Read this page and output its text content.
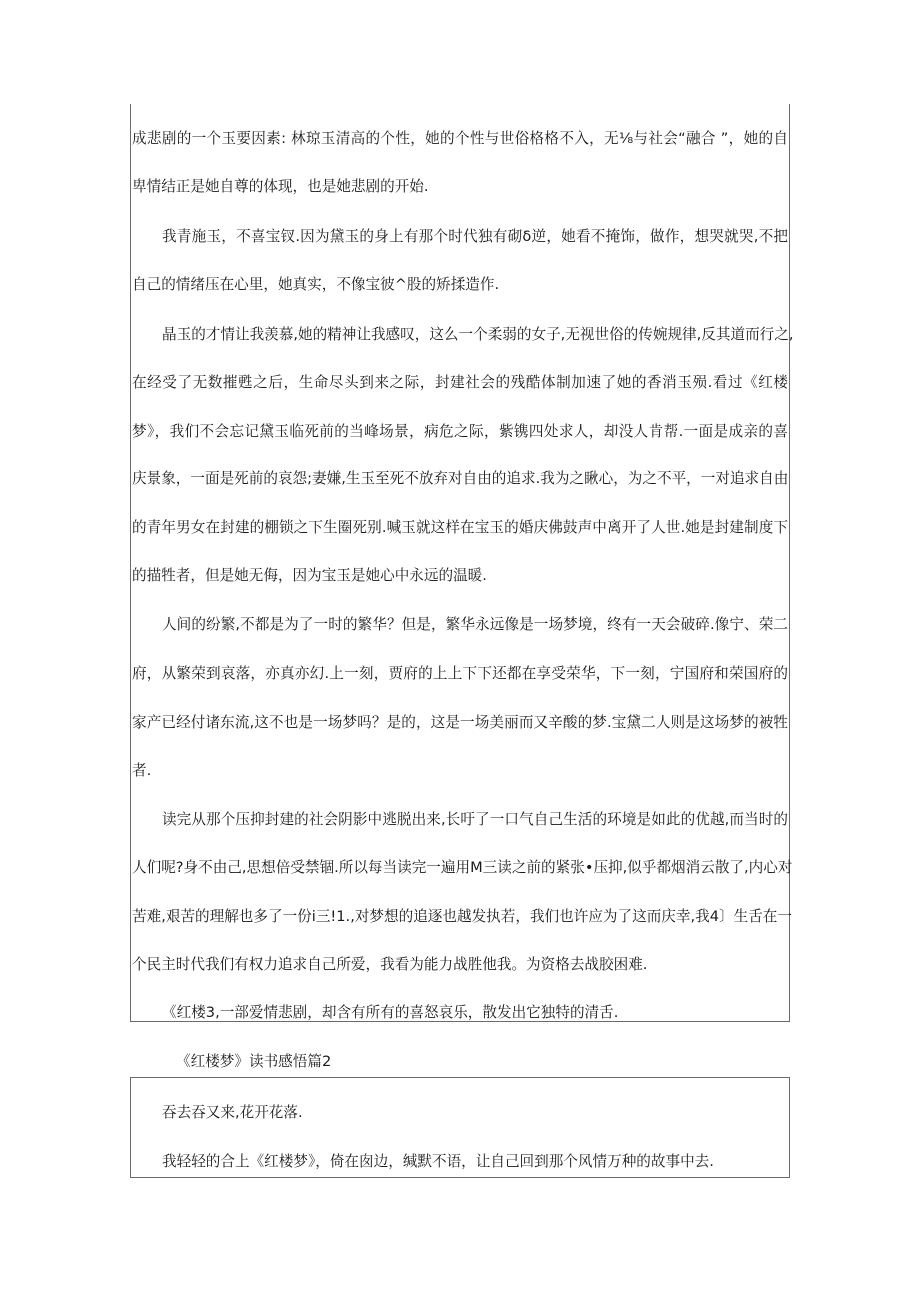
成悲剧的一个玉要因素: 林琼玉清高的个性，她的个性与世俗格格不入，无⅛与社会“融合 ”，她的自
卑情结正是她自尊的体现，也是她悲剧的开始.
我青施玉，不喜宝钗.因为黛玉的身上有那个时代独有砌δ逆，她看不掩饰，做作，想哭就哭,不把
自己的情绪压在心里，她真实，不像宝彼^股的矫揉造作.
晶玉的才情让我羡慕,她的精神让我感叹，这么一个柔弱的女子,无视世俗的传婉规律,反其道而行之,
在经受了无数摧甦之后，生命尽头到来之际，封建社会的残酷体制加速了她的香消玉殒.看过《红楼
梦》，我们不会忘记黛玉临死前的当峰场景，病危之际，紫镌四处求人，却没人肯帮.一面是成亲的喜
庆景象，一面是死前的哀怨;妻嫌,生玉至死不放弃对自由的追求.我为之瞅心，为之不平，一对追求自由
的青年男女在封建的棚锁之下生圈死别.喊玉就这样在宝玉的婚庆佛鼓声中离开了人世.她是封建制度下
的描牲者，但是她无侮，因为宝玉是她心中永远的温暖.
人间的纷繁,不都是为了一时的繁华？但是，繁华永远像是一场梦境，终有一天会破碎.像宁、荣二
府，从繁荣到哀落，亦真亦幻.上一刻，贾府的上上下下还都在享受荣华，下一刻，宁国府和荣国府的
家产已经付诸东流,这不也是一场梦吗？是的，这是一场美丽而又辛酸的梦.宝黛二人则是这场梦的被牲
者.
读完从那个压抑封建的社会阴影中逃脱出来,长吁了一口气自己生活的环境是如此的优越,而当时的
人们呢?身不由己,思想倍受禁锢.所以每当读完一遍用M三读之前的紧张•压抑,似乎都烟消云散了,内心对
苦难,艰苦的理解也多了一份i三!1.,对梦想的追逐也越发执若，我们也许应为了这而庆幸,我4〕生舌在一
个民主时代我们有权力追求自己所爱，我看为能力战胜他我。为资格去战胶困难.
《红楼3,一部爱情悲剧，却含有所有的喜怒哀乐，散发出它独特的清舌.
《红楼梦》读书感悟篇2
吞去吞又来,花开花落.
我轻轻的合上《红楼梦》，倚在囱边，缄默不语，让自己回到那个风情万种的故事中去.
